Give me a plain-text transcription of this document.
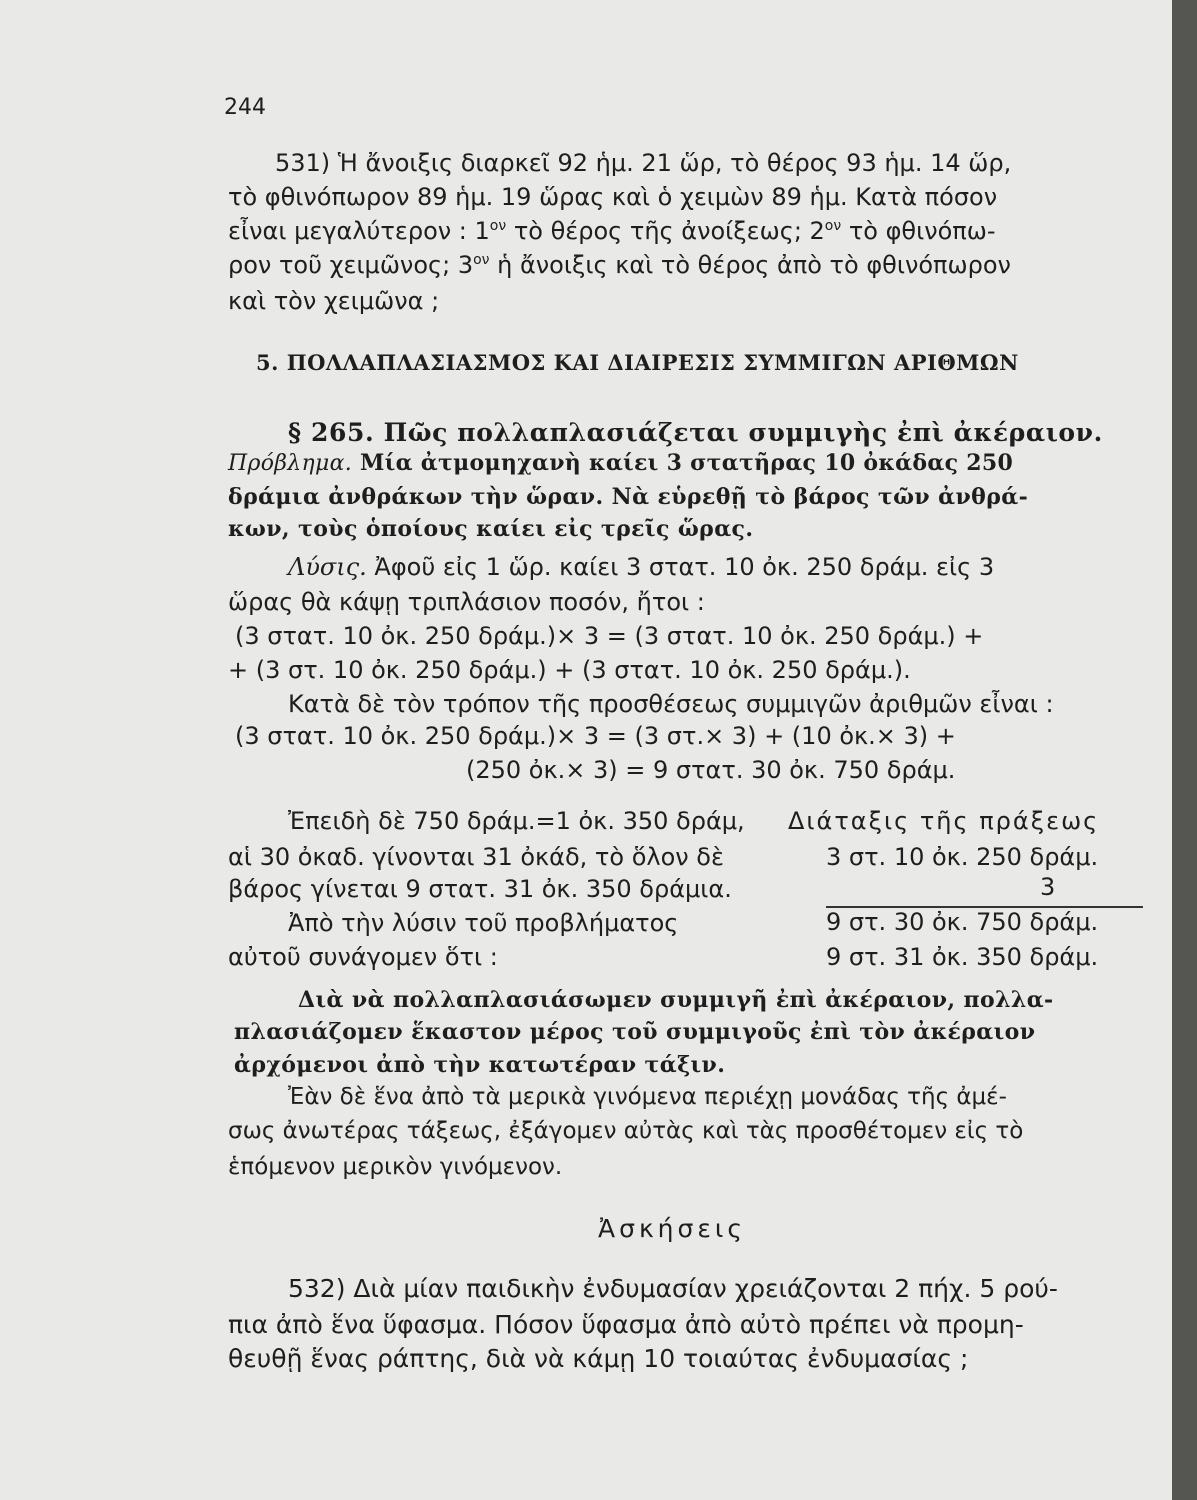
244
531) Ἡ ἄνοιξις διαρκεῖ 92 ἡμ. 21 ὥρ, τὸ θέρος 93 ἡμ. 14 ὥρ,
τὸ φθινόπωρον 89 ἡμ. 19 ὥρας καὶ ὁ χειμὼν 89 ἡμ. Κατὰ πόσον
εἶναι μεγαλύτερον : $1^{o\nu}$ τὸ θέρος τῆς ἀνοίξεως; $2^{o\nu}$ τὸ φθινόπω-
ρον τοῦ χειμῶνος; $3^{o\nu}$ ἡ ἄνοιξις καὶ τὸ θέρος ἀπὸ τὸ φθινόπωρον
καὶ τὸν χειμῶνα ;
5. ΠΟΛΛΑΠΛΑΣΙΑΣΜΟΣ ΚΑΙ ΔΙΑΙΡΕΣΙΣ ΣΥΜΜΙΓΩΝ ΑΡΙΘΜΩΝ
§ 265. Πῶς πολλαπλασιάζεται συμμιγὴς ἐπὶ ἀκέραιον.
Πρόβλημα. Μία ἀτμομηχανὴ καίει 3 στατῆρας 10 ὀκάδας 250
δράμια ἀνθράκων τὴν ὥραν. Νὰ εὑρεθῇ τὸ βάρος τῶν ἀνθρά-
κων, τοὺς ὁποίους καίει εἰς τρεῖς ὥρας.
Λύσις. Ἀφοῦ εἰς 1 ὥρ. καίει 3 στατ. 10 ὀκ. 250 δράμ. εἰς 3
ὥρας θὰ κάψῃ τριπλάσιον ποσόν, ἤτοι :
(3 στατ. 10 ὀκ. 250 δράμ.)× 3 = (3 στατ. 10 ὀκ. 250 δράμ.) +
+ (3 στ. 10 ὀκ. 250 δράμ.) + (3 στατ. 10 ὀκ. 250 δράμ.).
Κατὰ δὲ τὸν τρόπον τῆς προσθέσεως συμμιγῶν ἀριθμῶν εἶναι :
(3 στατ. 10 ὀκ. 250 δράμ.)× 3 = (3 στ.× 3) + (10 ὀκ.× 3) +
(250 ὀκ.× 3) = 9 στατ. 30 ὀκ. 750 δράμ.
Ἐπειδὴ δὲ 750 δράμ.=1 ὀκ. 350 δράμ,
αἱ 30 ὀκαδ. γίνονται 31 ὀκάδ, τὸ ὅλον δὲ
βάρος γίνεται 9 στατ. 31 ὀκ. 350 δράμια.
Ἀπὸ τὴν λύσιν τοῦ προβλήματος
αὐτοῦ συνάγομεν ὅτι :
Διάταξις τῆς πράξεως
3 στ. 10 ὀκ. 250 δράμ.
3
9 στ. 30 ὀκ. 750 δράμ.
9 στ. 31 ὀκ. 350 δράμ.
Διὰ νὰ πολλαπλασιάσωμεν συμμιγῆ ἐπὶ ἀκέραιον, πολλα-
πλασιάζομεν ἕκαστον μέρος τοῦ συμμιγοῦς ἐπὶ τὸν ἀκέραιον
ἀρχόμενοι ἀπὸ τὴν κατωτέραν τάξιν.
Ἐὰν δὲ ἕνα ἀπὸ τὰ μερικὰ γινόμενα περιέχῃ μονάδας τῆς ἀμέ-
σως ἀνωτέρας τάξεως, ἐξάγομεν αὐτὰς καὶ τὰς προσθέτομεν εἰς τὸ
ἑπόμενον μερικὸν γινόμενον.
Ἀσκήσεις
532) Διὰ μίαν παιδικὴν ἐνδυμασίαν χρειάζονται 2 πήχ. 5 ρού-
πια ἀπὸ ἕνα ὕφασμα. Πόσον ὕφασμα ἀπὸ αὐτὸ πρέπει νὰ προμη-
θευθῇ ἕνας ράπτης, διὰ νὰ κάμῃ 10 τοιαύτας ἐνδυμασίας ;
